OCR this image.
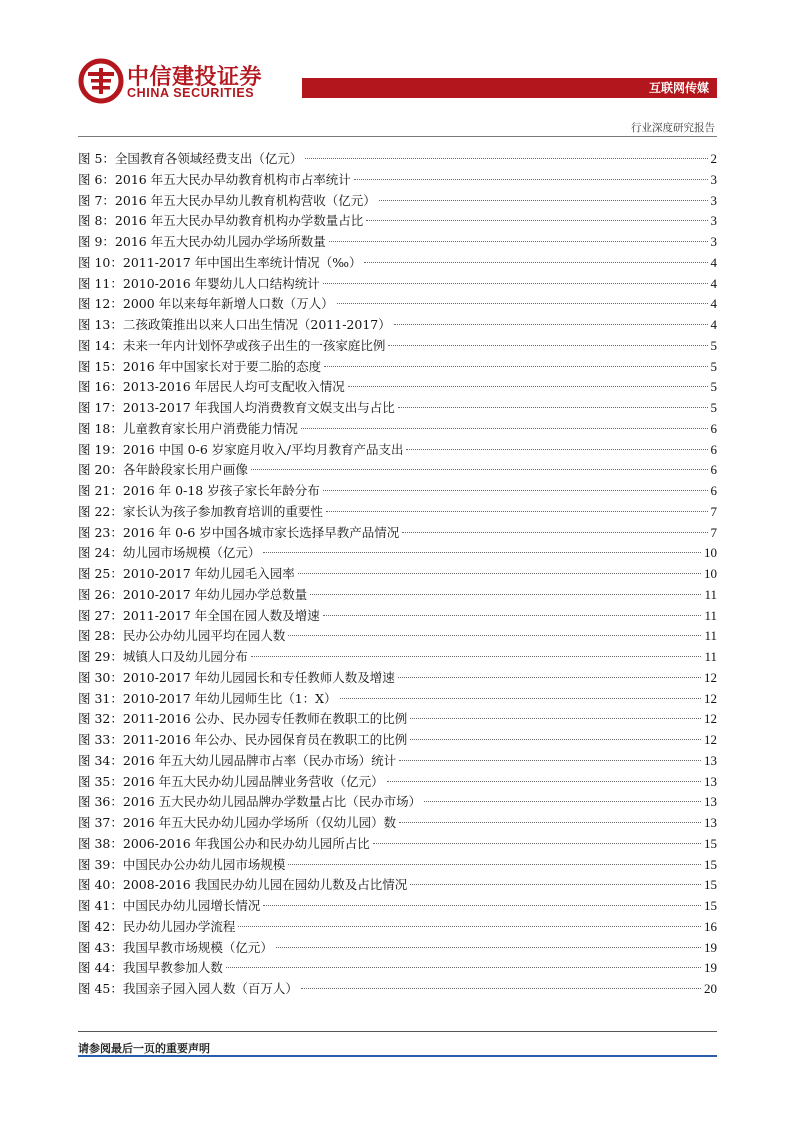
中信建投证券
CHINA SECURITIES	互联网传媒
行业深度研究报告
图 5：全国教育各领域经费支出（亿元）	2
图 6：2016 年五大民办早幼教育机构市占率统计	3
图 7：2016 年五大民办早幼儿教育机构营收（亿元）	3
图 8：2016 年五大民办早幼教育机构办学数量占比	3
图 9：2016 年五大民办幼儿园办学场所数量	3
图 10：2011-2017 年中国出生率统计情况（‰）	4
图 11：2010-2016 年婴幼儿人口结构统计	4
图 12：2000 年以来每年新增人口数（万人）	4
图 13：二孩政策推出以来人口出生情况（2011-2017）	4
图 14：未来一年内计划怀孕或孩子出生的一孩家庭比例	5
图 15：2016 年中国家长对于要二胎的态度	5
图 16：2013-2016 年居民人均可支配收入情况	5
图 17：2013-2017 年我国人均消费教育文娱支出与占比	5
图 18：儿童教育家长用户消费能力情况	6
图 19：2016 中国 0-6 岁家庭月收入/平均月教育产品支出	6
图 20：各年龄段家长用户画像	6
图 21：2016 年 0-18 岁孩子家长年龄分布	6
图 22：家长认为孩子参加教育培训的重要性	7
图 23：2016 年 0-6 岁中国各城市家长选择早教产品情况	7
图 24：幼儿园市场规模（亿元）	10
图 25：2010-2017 年幼儿园毛入园率	10
图 26：2010-2017 年幼儿园办学总数量	11
图 27：2011-2017 年全国在园人数及增速	11
图 28：民办公办幼儿园平均在园人数	11
图 29：城镇人口及幼儿园分布	11
图 30：2010-2017 年幼儿园园长和专任教师人数及增速	12
图 31：2010-2017 年幼儿园师生比（1：X）	12
图 32：2011-2016 公办、民办园专任教师在教职工的比例	12
图 33：2011-2016 年公办、民办园保育员在教职工的比例	12
图 34：2016 年五大幼儿园品牌市占率（民办市场）统计	13
图 35：2016 年五大民办幼儿园品牌业务营收（亿元）	13
图 36：2016 五大民办幼儿园品牌办学数量占比（民办市场）	13
图 37：2016 年五大民办幼儿园办学场所（仅幼儿园）数	13
图 38：2006-2016 年我国公办和民办幼儿园所占比	15
图 39：中国民办公办幼儿园市场规模	15
图 40：2008-2016 我国民办幼儿园在园幼儿数及占比情况	15
图 41：中国民办幼儿园增长情况	15
图 42：民办幼儿园办学流程	16
图 43：我国早教市场规模（亿元）	19
图 44：我国早教参加人数	19
图 45：我国亲子园入园人数（百万人）	20
请参阅最后一页的重要声明
